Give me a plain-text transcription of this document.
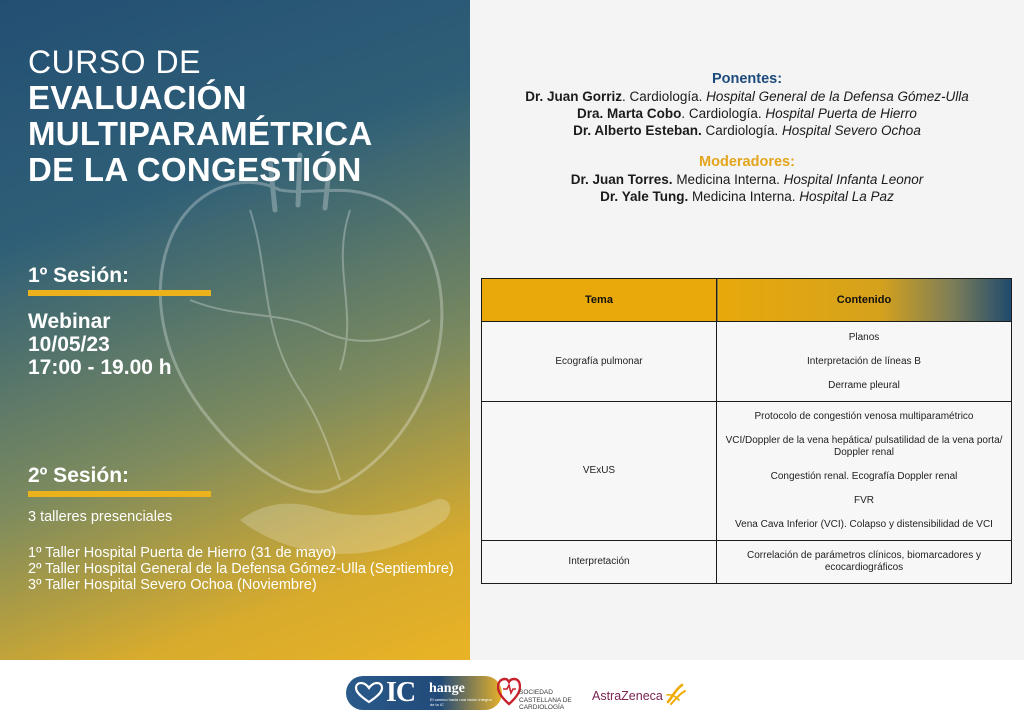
CURSO DE
EVALUACIÓN
MULTIPARAMÉTRICA
DE LA CONGESTIÓN
1º Sesión:
Webinar
10/05/23
17:00 - 19.00 h
2º Sesión:
3 talleres presenciales
1º Taller Hospital Puerta de Hierro (31 de mayo)
2º Taller Hospital General de la Defensa Gómez-Ulla (Septiembre)
3º Taller Hospital Severo Ochoa (Noviembre)
Ponentes:
Dr. Juan Gorriz. Cardiología. Hospital General de la Defensa Gómez-Ulla
Dra. Marta Cobo. Cardiología. Hospital Puerta de Hierro
Dr. Alberto Esteban. Cardiología. Hospital Severo Ochoa
Moderadores:
Dr. Juan Torres. Medicina Interna. Hospital Infanta Leonor
Dr. Yale Tung. Medicina Interna. Hospital La Paz
Tema	Contenido
Ecografía pulmonar	Planos

Interpretación de líneas B

Derrame pleural

VExUS	Protocolo de congestión venosa multiparamétrico

VCI/Doppler de la vena hepática/ pulsatilidad de la vena porta/ Doppler renal

Congestión renal. Ecografía Doppler renal

FVR

Vena Cava Inferior (VCI). Colapso y distensibilidad de VCI

Interpretación	Correlación de parámetros clínicos, biomarcadores y ecocardiográficos

IC hange
El camino hacia una visión integral de la IC
SOCIEDAD
CASTELLANA DE
CARDIOLOGÍA
AstraZeneca
